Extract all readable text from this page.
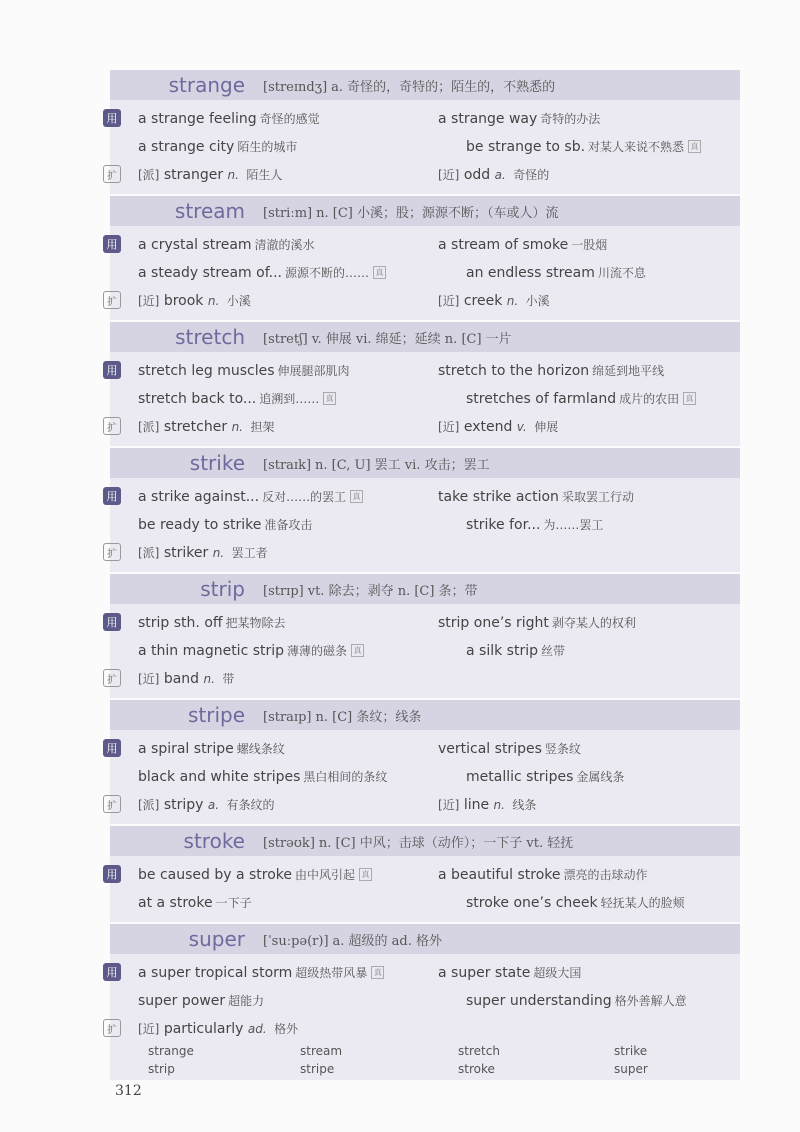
strange [streɪndʒ] a. 奇怪的，奇特的；陌生的，不熟悉的
用 a strange feeling 奇怪的感觉	a strange way 奇特的办法
a strange city 陌生的城市	be strange to sb. 对某人来说不熟悉 真
扩	[派] stranger n. 陌生人	[近] odd a. 奇怪的
stream [striːm] n. [C] 小溪；股；源源不断；（车或人）流
用 a crystal stream 清澈的溪水	a stream of smoke 一股烟
a steady stream of... 源源不断的…… 真	an endless stream 川流不息
扩	[近] brook n. 小溪	[近] creek n. 小溪
stretch [stretʃ] v. 伸展 vi. 绵延；延续 n. [C] 一片
用 stretch leg muscles 伸展腿部肌肉	stretch to the horizon 绵延到地平线
stretch back to... 追溯到…… 真	stretches of farmland 成片的农田 真
扩	[派] stretcher n. 担架	[近] extend v. 伸展
strike [straɪk] n. [C, U] 罢工 vi. 攻击；罢工
用 a strike against... 反对……的罢工 真	take strike action 采取罢工行动
be ready to strike 准备攻击	strike for... 为……罢工
扩	[派] striker n. 罢工者
strip [strɪp] vt. 除去；剥夺 n. [C] 条；带
用 strip sth. off 把某物除去	strip one’s right 剥夺某人的权利
a thin magnetic strip 薄薄的磁条 真	a silk strip 丝带
扩	[近] band n. 带
stripe [straɪp] n. [C] 条纹；线条
用 a spiral stripe 螺线条纹	vertical stripes 竖条纹
black and white stripes 黑白相间的条纹	metallic stripes 金属线条
扩	[派] stripy a. 有条纹的	[近] line n. 线条
stroke [strəʊk] n. [C] 中风；击球（动作）；一下子 vt. 轻抚
用 be caused by a stroke 由中风引起 真	a beautiful stroke 漂亮的击球动作
at a stroke 一下子	stroke one’s cheek 轻抚某人的脸颊
super [ˈsuːpə(r)] a. 超级的 ad. 格外
用 a super tropical storm 超级热带风暴 真	a super state 超级大国
super power 超能力	super understanding 格外善解人意
扩	[近] particularly ad. 格外
strange	stream	stretch	strike
strip	stripe	stroke	super
312
